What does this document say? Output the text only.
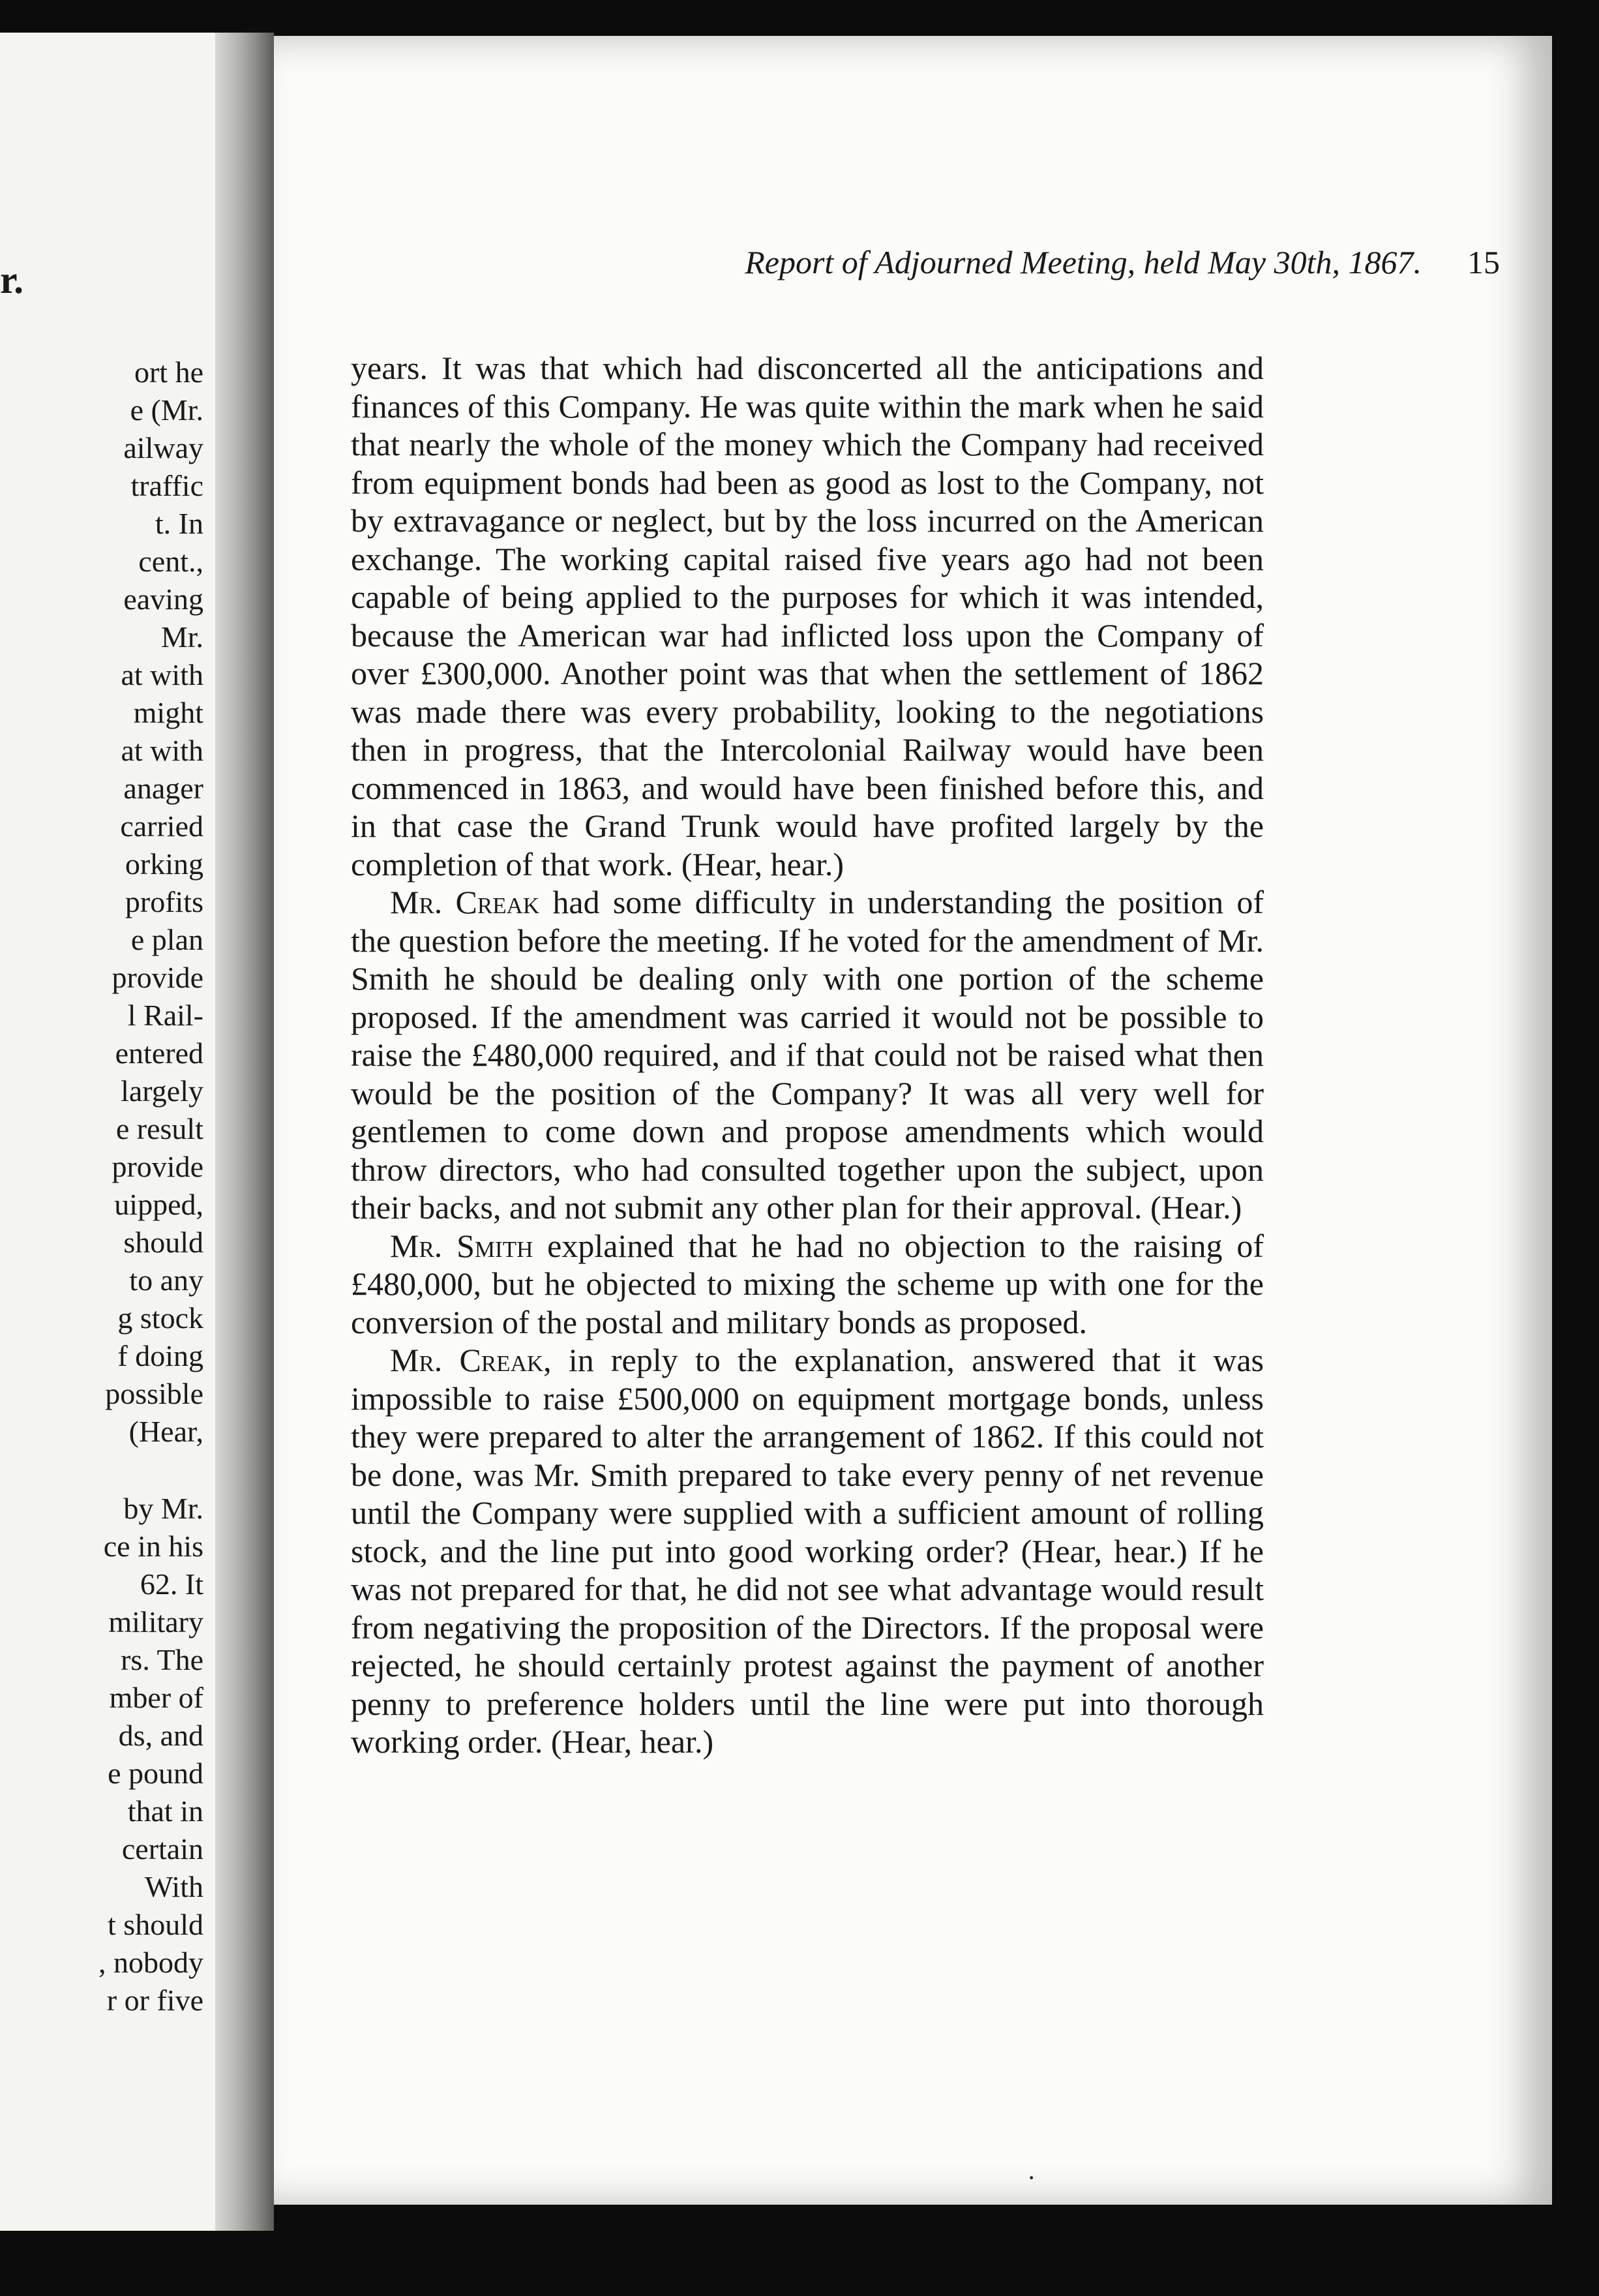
r.
ort he
e (Mr.
ailway
traffic
t. In
cent.,
eaving
Mr.
at with
might
at with
anager
carried
orking
profits
e plan
provide
l Rail-
entered
largely
e result
provide
uipped,
should
to any
g stock
f doing
possible
(Hear,
by Mr.
ce in his
62. It
military
rs. The
mber of
ds, and
e pound
that in
certain
With
t should
, nobody
r or five
Report of Adjourned Meeting, held May 30th, 1867. 15

years. It was that which had disconcerted all the anticipations and finances of this Company. He was quite within the mark when he said that nearly the whole of the money which the Company had received from equipment bonds had been as good as lost to the Company, not by extravagance or neglect, but by the loss incurred on the American exchange. The working capital raised five years ago had not been capable of being applied to the purposes for which it was intended, because the American war had inflicted loss upon the Company of over £300,000. Another point was that when the settlement of 1862 was made there was every probability, looking to the negotiations then in progress, that the Intercolonial Railway would have been commenced in 1863, and would have been finished before this, and in that case the Grand Trunk would have profited largely by the completion of that work. (Hear, hear.)

Mr. Creak had some difficulty in understanding the position of the question before the meeting. If he voted for the amendment of Mr. Smith he should be dealing only with one portion of the scheme proposed. If the amendment was carried it would not be possible to raise the £480,000 required, and if that could not be raised what then would be the position of the Company? It was all very well for gentlemen to come down and propose amendments which would throw directors, who had consulted together upon the subject, upon their backs, and not submit any other plan for their approval. (Hear.)

Mr. Smith explained that he had no objection to the raising of £480,000, but he objected to mixing the scheme up with one for the conversion of the postal and military bonds as proposed.

Mr. Creak, in reply to the explanation, answered that it was impossible to raise £500,000 on equipment mortgage bonds, unless they were prepared to alter the arrangement of 1862. If this could not be done, was Mr. Smith prepared to take every penny of net revenue until the Company were supplied with a sufficient amount of rolling stock, and the line put into good working order? (Hear, hear.) If he was not prepared for that, he did not see what advantage would result from negativing the proposition of the Directors. If the proposal were rejected, he should certainly protest against the payment of another penny to preference holders until the line were put into thorough working order. (Hear, hear.)

·
